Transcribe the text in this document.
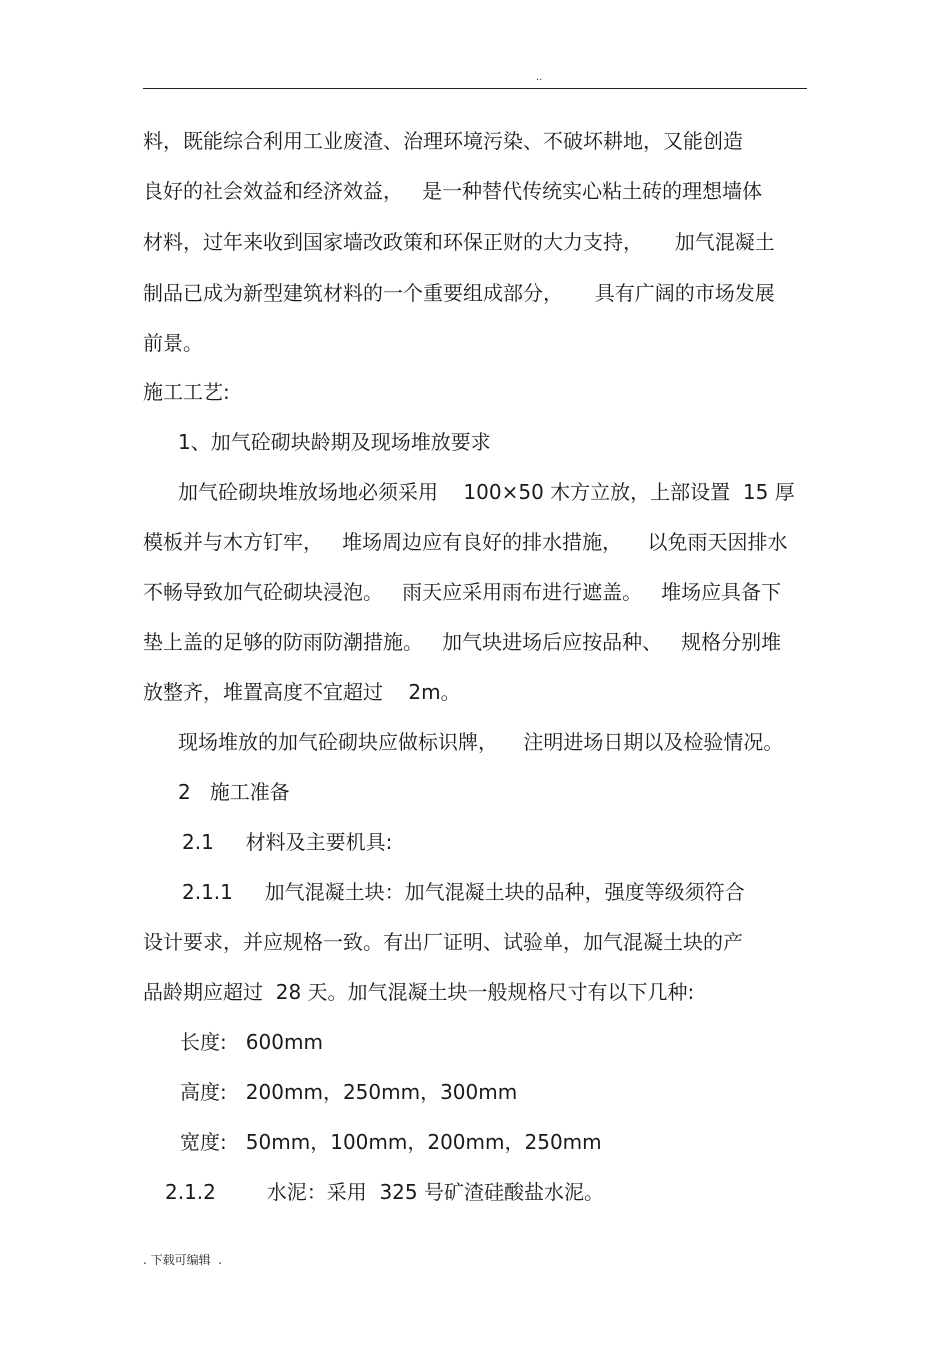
..
料，既能综合利用工业废渣、治理环境污染、不破坏耕地，又能创造
良好的社会效益和经济效益，   是一种替代传统实心粘土砖的理想墙体
材料，过年来收到国家墙改政策和环保正财的大力支持，     加气混凝土
制品已成为新型建筑材料的一个重要组成部分，     具有广阔的市场发展
前景。
施工工艺:
1、加气砼砌块龄期及现场堆放要求
加气砼砌块堆放场地必须采用    100×50 木方立放，上部设置  15 厚
模板并与木方钉牢，   堆场周边应有良好的排水措施，    以免雨天因排水
不畅导致加气砼砌块浸泡。   雨天应采用雨布进行遮盖。   堆场应具备下
垫上盖的足够的防雨防潮措施。   加气块进场后应按品种、   规格分别堆
放整齐，堆置高度不宜超过    2m。
现场堆放的加气砼砌块应做标识牌，    注明进场日期以及检验情况。
2   施工准备
2.1     材料及主要机具:
2.1.1     加气混凝土块：加气混凝土块的品种，强度等级须符合
设计要求，并应规格一致。有出厂证明、试验单，加气混凝土块的产
品龄期应超过  28 天。加气混凝土块一般规格尺寸有以下几种:
长度:   600mm
高度:   200mm，250mm，300mm
宽度:   50mm，100mm，200mm，250mm
2.1.2        水泥：采用  325 号矿渣硅酸盐水泥。
. 下载可编辑  .
